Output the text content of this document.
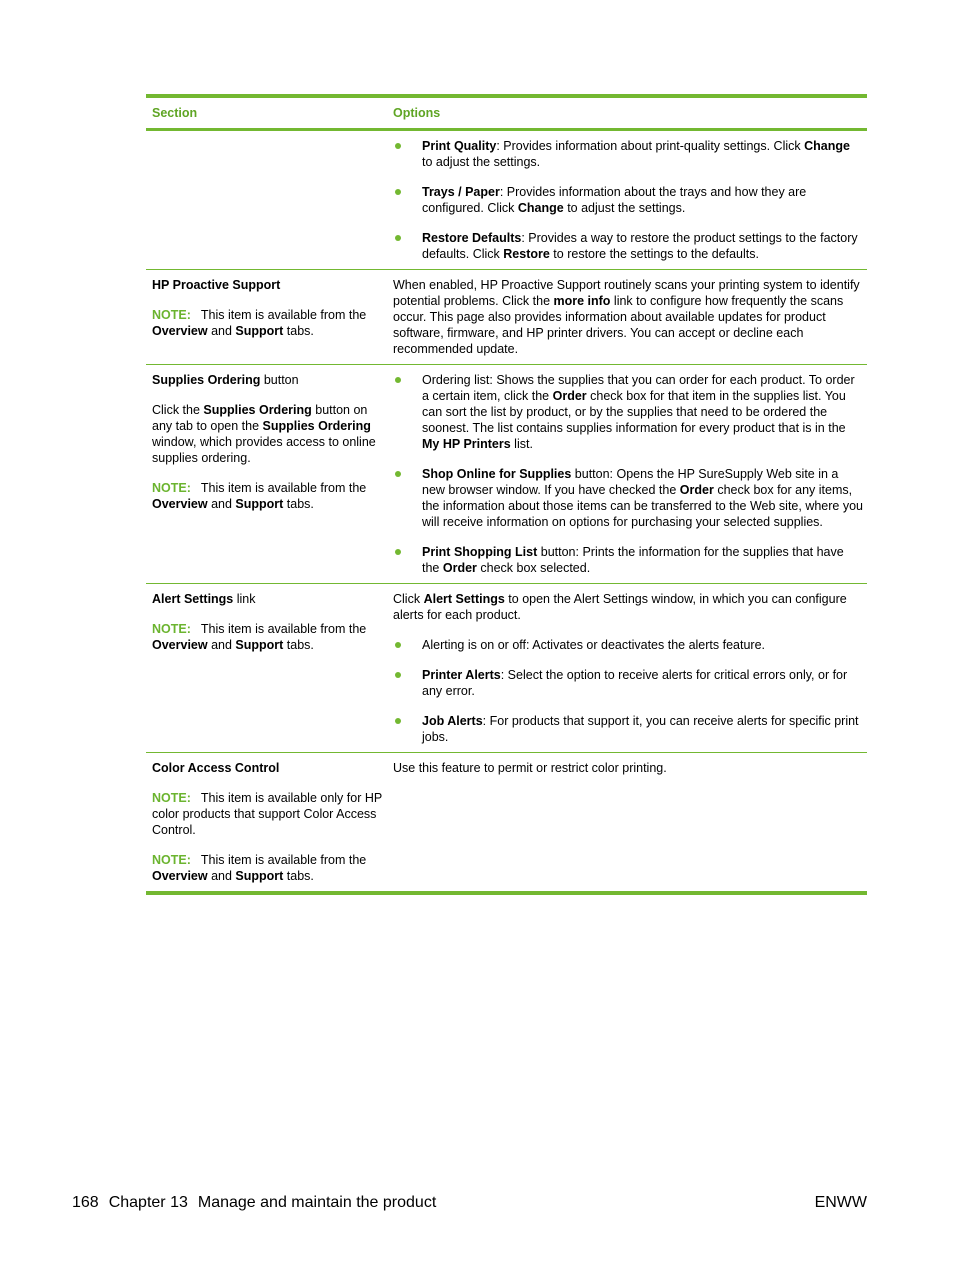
Section	Options
Print Quality: Provides information about print-quality settings. Click Change to adjust the settings.
Trays / Paper: Provides information about the trays and how they are configured. Click Change to adjust the settings.
Restore Defaults: Provides a way to restore the product settings to the factory defaults. Click Restore to restore the settings to the defaults.

HP Proactive Support

NOTE: This item is available from the Overview and Support tabs.

When enabled, HP Proactive Support routinely scans your printing system to identify potential problems. Click the more info link to configure how frequently the scans occur. This page also provides information about available updates for product software, firmware, and HP printer drivers. You can accept or decline each recommended update.

Supplies Ordering button

Click the Supplies Ordering button on any tab to open the Supplies Ordering window, which provides access to online supplies ordering.

NOTE: This item is available from the Overview and Support tabs.

Ordering list: Shows the supplies that you can order for each product. To order a certain item, click the Order check box for that item in the supplies list. You can sort the list by product, or by the supplies that need to be ordered the soonest. The list contains supplies information for every product that is in the My HP Printers list.
Shop Online for Supplies button: Opens the HP SureSupply Web site in a new browser window. If you have checked the Order check box for any items, the information about those items can be transferred to the Web site, where you will receive information on options for purchasing your selected supplies.
Print Shopping List button: Prints the information for the supplies that have the Order check box selected.

Alert Settings link

NOTE: This item is available from the Overview and Support tabs.

Click Alert Settings to open the Alert Settings window, in which you can configure alerts for each product.

Alerting is on or off: Activates or deactivates the alerts feature.
Printer Alerts: Select the option to receive alerts for critical errors only, or for any error.
Job Alerts: For products that support it, you can receive alerts for specific print jobs.

Color Access Control

NOTE: This item is available only for HP color products that support Color Access Control.

NOTE: This item is available from the Overview and Support tabs.

Use this feature to permit or restrict color printing.

168 Chapter 13 Manage and maintain the product	ENWW
